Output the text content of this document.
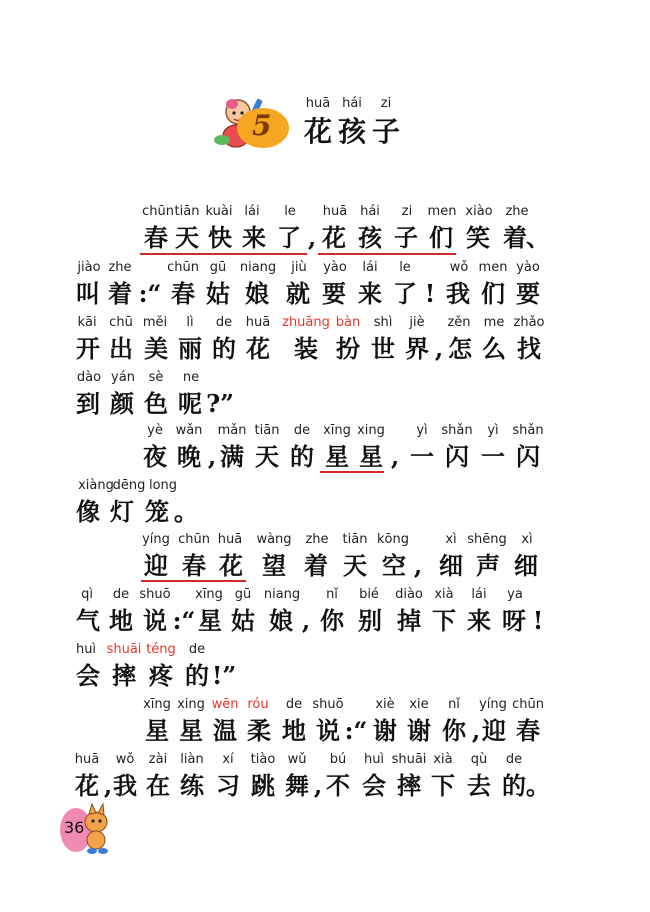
5
huā hái zi
花 孩 子
chūn tiān kuài lái le huā hái zi men xiào zhe
春 天 快 来 了 , 花 孩 子 们 笑 着 、
jiào zhe	chūn gū niang jiù yào lái le	wǒ men yào
叫 着 :“ 春 姑 娘 就 要 来 了 ! 我 们 要
kāi chū měi lì de huā zhuāng bàn shì jiè zěn me zhǎo
开 出 美 丽 的 花 装 扮 世 界 , 怎 么 找
dào yán sè ne
到 颜 色 呢 ?”
yè wǎn mǎn tiān de xīng xing yì shǎn yì shǎn
夜 晚 , 满 天 的 星 星 , 一 闪 一 闪
xiàng
dēng long
像 灯 笼 。
yíng chūn huā wàng zhe tiān kōng	xì shēng xì
迎 春 花 望 着 天 空 , 细 声 细
qì de shuō xīng gū niang nǐ bié diào xià lái ya
气 地 说 :“ 星 姑 娘 , 你 别 掉 下 来 呀 !
huì shuāi téng de
会 摔 疼 的 !”
xīng xing wēn róu de shuō xiè xie nǐ yíng chūn
星 星 温 柔 地 说 :“ 谢 谢 你 , 迎 春
huā wǒ zài liàn xí tiào wǔ bú huì shuāi xià qù de
花 , 我 在 练 习 跳 舞 , 不 会 摔 下 去 的 。
36
